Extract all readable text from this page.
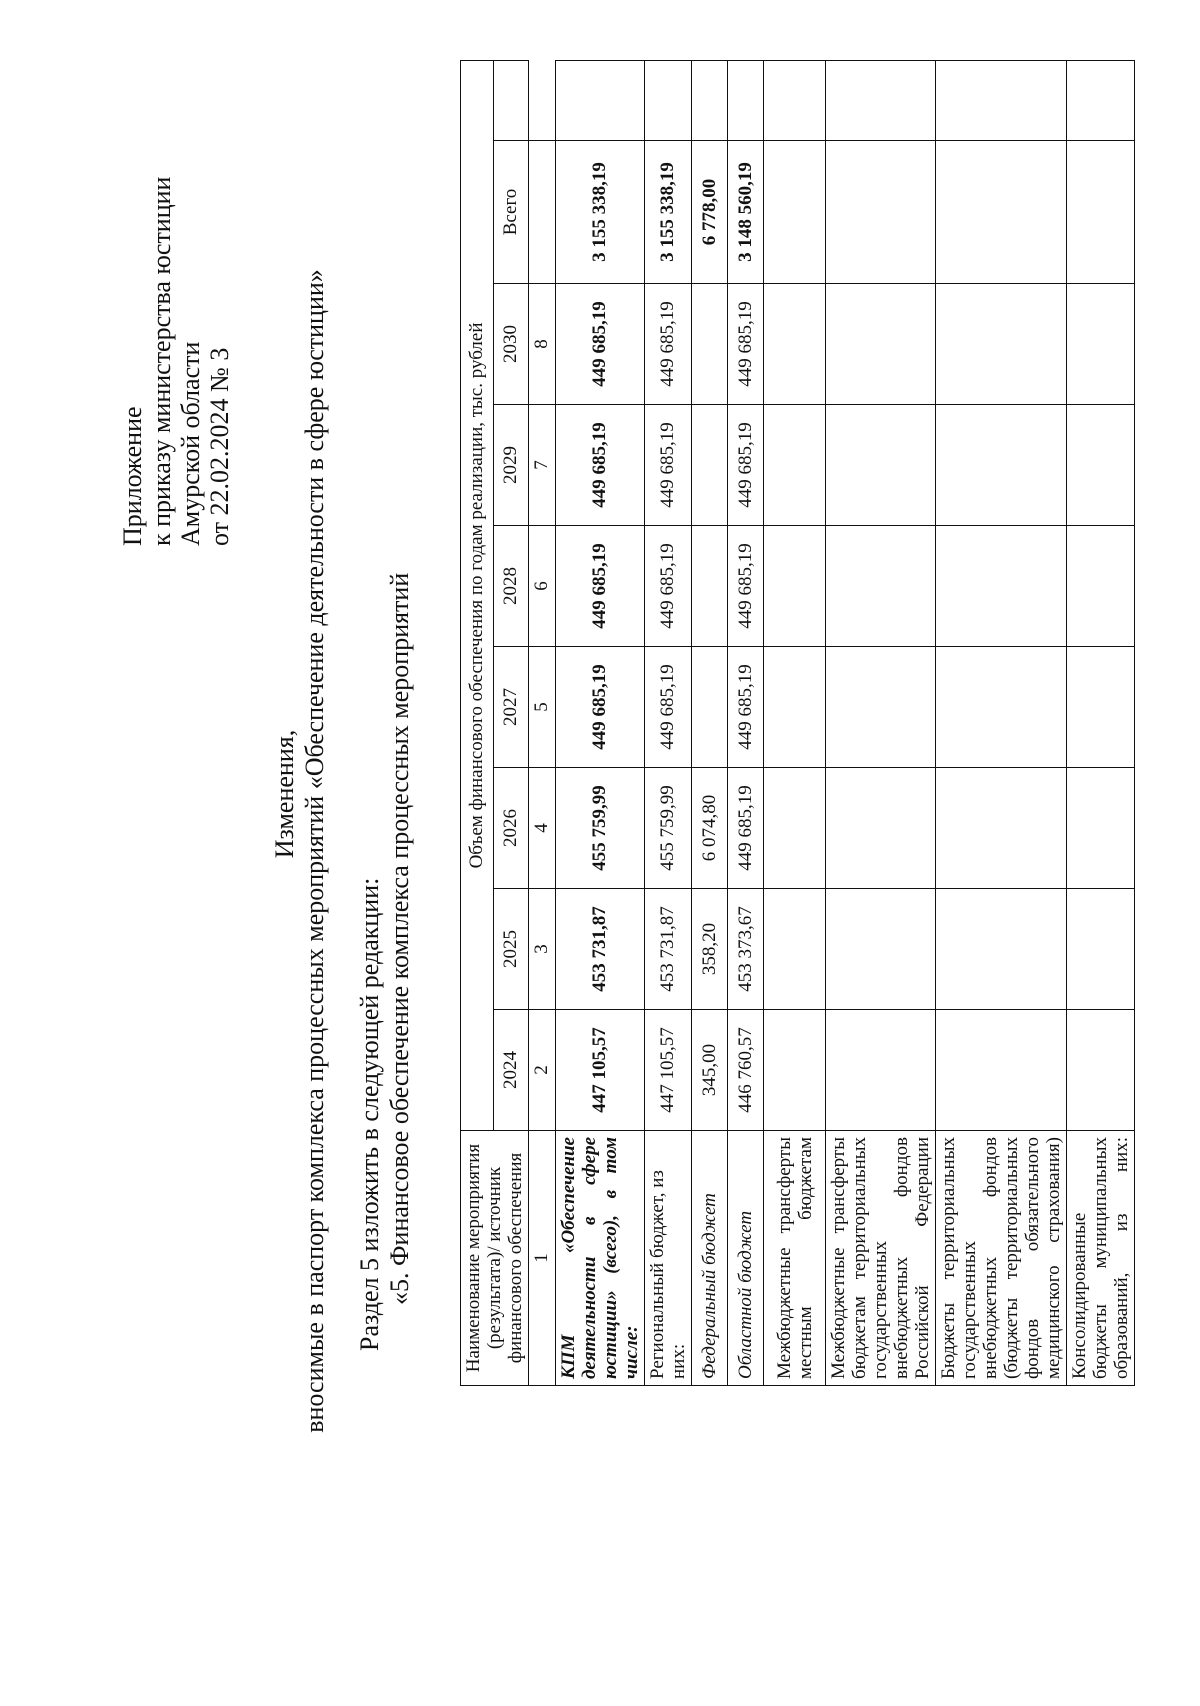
Приложение к приказу министерства юстиции Амурской области от 22.02.2024 № 3
Изменения, вносимые в паспорт комплекса процессных мероприятий «Обеспечение деятельности в сфере юстиции» Раздел 5 изложить в следующей редакции: «5. Финансовое обеспечение комплекса процессных мероприятий	Наименование мероприятия (результата)/ источник финансового обеспечения	Объем финансового обеспечения по годам реализации, тыс. рублей								
	2024	2025	2026	2027	2028	2029	2030	Всего	
1	2	3	4	5	6	7	8		
КПМ «Обеспечение деятельности в сфере юстиции» (всего), в том числе:	447 105,57	453 731,87	455 759,99	449 685,19	449 685,19	449 685,19	449 685,19	3 155 338,19	
Региональный бюджет, из них:	447 105,57	453 731,87	455 759,99	449 685,19	449 685,19	449 685,19	449 685,19	3 155 338,19	
Федеральный бюджет	345,00	358,20	6 074,80					6 778,00	
Областной бюджет	446 760,57	453 373,67	449 685,19	449 685,19	449 685,19	449 685,19	449 685,19	3 148 560,19	
Межбюджетные трансферты местным бюджетам									
Межбюджетные трансферты бюджетам территориальных государственных внебюджетных фондов Российской Федерации									
Бюджеты территориальных государственных внебюджетных фондов (бюджеты территориальных фондов обязательного медицинского страхования)									
Консолидированные бюджеты муниципальных образований, из них:									
